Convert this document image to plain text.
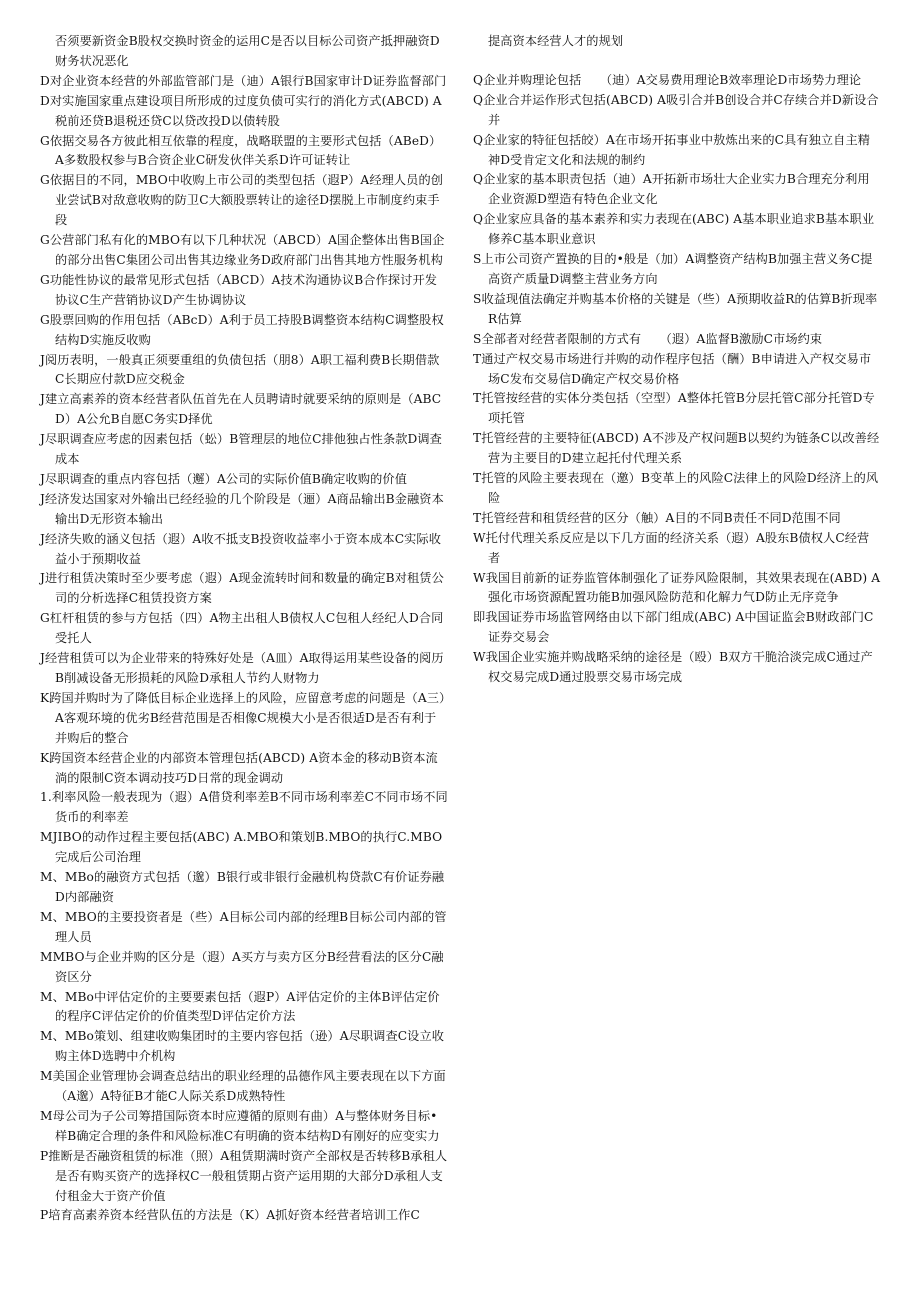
否须要新资金B股权交换时资金的运用C是否以目标公司资产抵押融资D财务状况恶化

D对企业资本经营的外部监管部门是（迪）A银行B国家审计D证券监督部门

D对实施国家重点建设项目所形成的过度负债可实行的消化方式(ABCD) A税前还贷B退税还贷C以贷改投D以债转股

G依据交易各方彼此相互依靠的程度，战略联盟的主要形式包括（ABeD）A多数股权参与B合资企业C研发伙伴关系D许可证转让

G依据目的不同，MBO中收购上市公司的类型包括（遐P）A经理人员的创业尝试B对敌意收购的防卫C大额股票转让的途径D摆脱上市制度约束手段

G公营部门私有化的MBO有以下几种状况（ABCD）A国企整体出售B国企的部分出售C集团公司出售其边缘业务D政府部门出售其地方性服务机构

G功能性协议的最常见形式包括（ABCD）A技术沟通协议B合作探讨开发协议C生产营销协议D产生协调协议

G股票回购的作用包括（ABcD）A利于员工持股B调整资本结构C调整股权结构D实施反收购

J阅历表明，一般真正须要重组的负债包括（朋8）A职工福利费B长期借款C长期应付款D应交税金

J建立高素养的资本经营者队伍首先在人员聘请时就要采纳的原则是（ABCD）A公允B自愿C务实D择优

J尽职调查应考虑的因素包括（蚣）B管理层的地位C排他独占性条款D调查成本

J尽职调查的重点内容包括（邂）A公司的实际价值B确定收购的价值

J经济发达国家对外输出已经经验的几个阶段是（逦）A商品输出B金融资本输出D无形资本输出

J经济失败的涵义包括（遐）A收不抵支B投资收益率小于资本成本C实际收益小于预期收益

J进行租赁决策时至少要考虑（遐）A现金流转时间和数量的确定B对租赁公司的分析选择C租赁投资方案

G杠杆租赁的参与方包括（四）A物主出租人B债权人C包租人经纪人D合同受托人

J经营租赁可以为企业带来的特殊好处是（A皿）A取得运用某些设备的阅历B削减设备无形损耗的风险D承租人节约人财物力

K跨国并购时为了降低目标企业选择上的风险，应留意考虑的问题是（A三）A客观环境的优劣B经营范围是否相像C规模大小是否很适D是否有利于并购后的整合

K跨国资本经营企业的内部资本管理包括(ABCD) A资本金的移动B资本流淌的限制C资本调动技巧D日常的现金调动

1.利率风险一般表现为（遐）A借贷利率差B不同市场利率差C不同市场不同货币的利率差

MJIBO的动作过程主要包括(ABC) A.MBO和策划B.MBO的执行C.MBO完成后公司治理

M、MBo的融资方式包括（邈）B银行或非银行金融机构贷款C有价证券融D内部融资

M、MBO的主要投资者是（些）A目标公司内部的经理B目标公司内部的管理人员

MMBO与企业并购的区分是（遐）A买方与卖方区分B经营看法的区分C融资区分

M、MBo中评估定价的主要要素包括（遐P）A评估定价的主体B评估定价的程序C评估定价的价值类型D评估定价方法

M、MBo策划、组建收购集团时的主要内容包括（逊）A尽职调查C设立收购主体D选聘中介机构

M美国企业管理协会调查总结出的职业经理的品德作风主要表现在以下方面（A邈）A特征B才能C人际关系D成熟特性

M母公司为子公司筹措国际资本时应遵循的原则有曲）A与整体财务目标•样B确定合理的条件和风险标准C有明确的资本结构D有刚好的应变实力

P推断是否融资租赁的标准（照）A租赁期满时资产全部权是否转移B承租人是否有购买资产的选择权C一般租赁期占资产运用期的大部分D承租人支付租金大于资产价值

P培育高素养资本经营队伍的方法是（K）A抓好资本经营者培训工作C

提高资本经营人才的规划

Q企业并购理论包括　　（迪）A交易费用理论B效率理论D市场势力理论

Q企业合并运作形式包括(ABCD) A吸引合并B创设合并C存续合并D新设合并

Q企业家的特征包括皎）A在市场开拓事业中敖炼出来的C具有独立自主精神D受肯定文化和法规的制约

Q企业家的基本职责包括（迪）A开拓新市场壮大企业实力B合理充分利用企业资源D塑造有特色企业文化

Q企业家应具备的基本素养和实力表现在(ABC) A基本职业追求B基本职业修养C基本职业意识

S上市公司资产置换的目的•般是（加）A调整资产结构B加强主营义务C提高资产质量D调整主营业务方向

S收益现值法确定并购基本价格的关键是（些）A预期收益R的估算B折现率R估算

S全部者对经营者限制的方式有　　（遐）A监督B激励C市场约束

T通过产权交易市场进行并购的动作程序包括（酬）B申请进入产权交易市场C发布交易信D确定产权交易价格

T托管按经营的实体分类包括（空型）A整体托管B分层托管C部分托管D专项托管

T托管经营的主要特征(ABCD) A不涉及产权问题B以契约为链条C以改善经营为主要目的D建立起托付代理关系

T托管的风险主要表现在（邀）B变革上的风险C法律上的风险D经济上的风险

T托管经营和租赁经营的区分（触）A目的不同B责任不同D范围不同

W托付代理关系反应是以下几方面的经济关系（遐）A股东B债权人C经营者

W我国目前新的证券监管体制强化了证券风险限制，其效果表现在(ABD) A强化市场资源配置功能B加强风险防范和化解力气D防止无序竞争

即我国证券市场监管网络由以下部门组成(ABC) A中国证监会B财政部门C证券交易会

W我国企业实施并购战略采纳的途径是（殴）B双方干脆洽淡完成C通过产权交易完成D通过股票交易市场完成
